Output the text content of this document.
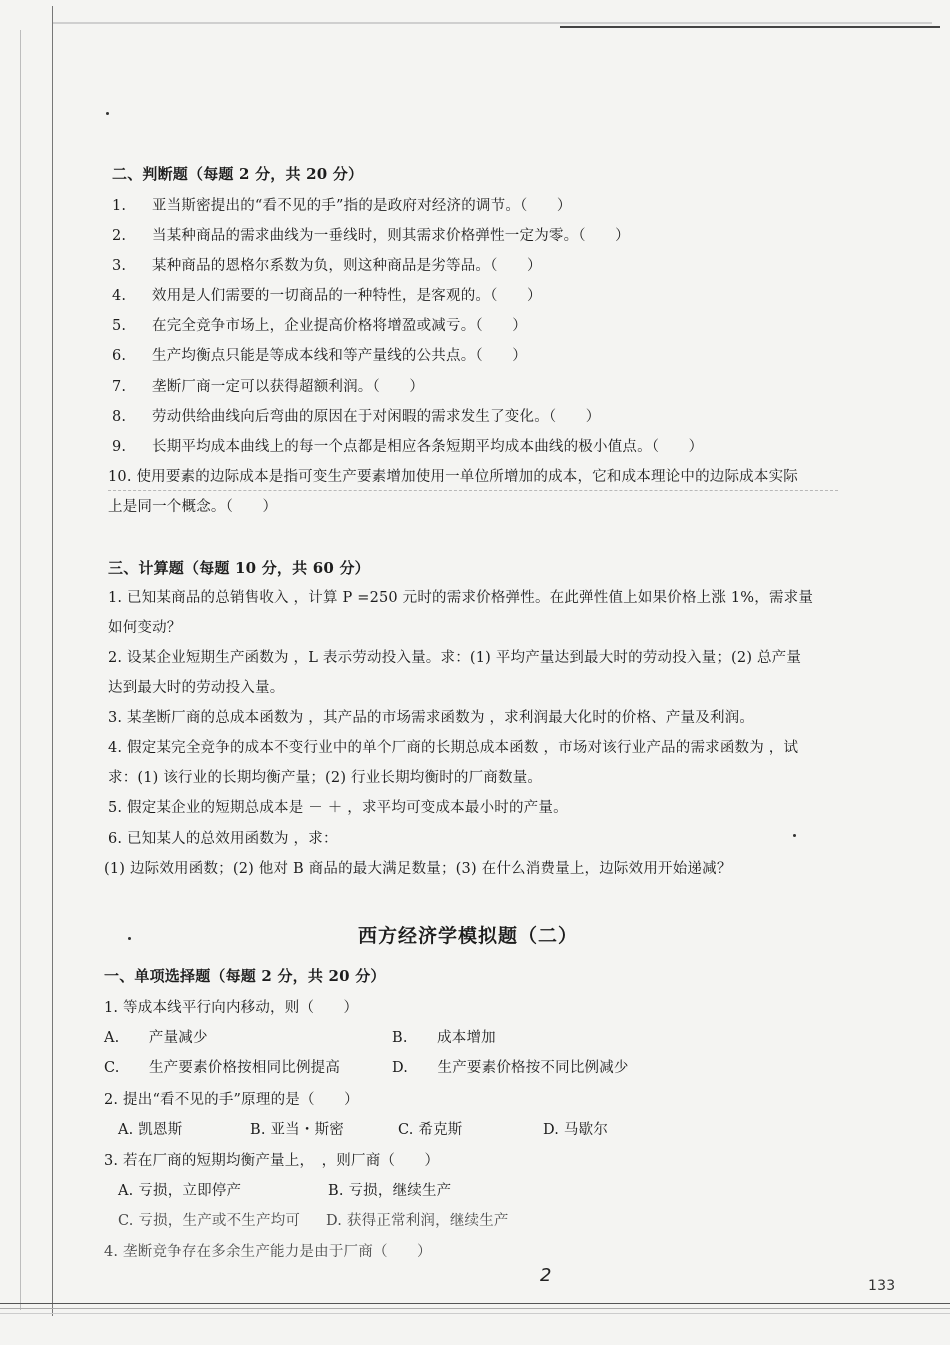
二、判断题（每题 2 分，共 20 分）
1. 亚当斯密提出的“看不见的手”指的是政府对经济的调节。（　　）
2. 当某种商品的需求曲线为一垂线时，则其需求价格弹性一定为零。（　　）
3. 某种商品的恩格尔系数为负，则这种商品是劣等品。（　　）
4. 效用是人们需要的一切商品的一种特性，是客观的。（　　）
5. 在完全竞争市场上，企业提高价格将增盈或减亏。（　　）
6. 生产均衡点只能是等成本线和等产量线的公共点。（　　）
7. 垄断厂商一定可以获得超额利润。（　　）
8. 劳动供给曲线向后弯曲的原因在于对闲暇的需求发生了变化。（　　）
9. 长期平均成本曲线上的每一个点都是相应各条短期平均成本曲线的极小值点。（　　）
10. 使用要素的边际成本是指可变生产要素增加使用一单位所增加的成本，它和成本理论中的边际成本实际
上是同一个概念。（　　）
三、计算题（每题 10 分，共 60 分）
1. 已知某商品的总销售收入 ，计算 P =250 元时的需求价格弹性。在此弹性值上如果价格上涨 1%，需求量
如何变动？
2. 设某企业短期生产函数为 ，L 表示劳动投入量。求：(1) 平均产量达到最大时的劳动投入量；(2) 总产量
达到最大时的劳动投入量。
3. 某垄断厂商的总成本函数为 ，其产品的市场需求函数为 ，求利润最大化时的价格、产量及利润。
4. 假定某完全竞争的成本不变行业中的单个厂商的长期总成本函数 ，市场对该行业产品的需求函数为 ，试
求：(1) 该行业的长期均衡产量；(2) 行业长期均衡时的厂商数量。
5. 假定某企业的短期总成本是 － ＋ ，求平均可变成本最小时的产量。
6. 已知某人的总效用函数为 ，求：
(1) 边际效用函数；(2) 他对 B 商品的最大满足数量；(3) 在什么消费量上，边际效用开始递减？
西方经济学模拟题（二）
一、单项选择题（每题 2 分，共 20 分）
1. 等成本线平行向内移动，则（　　）
A.　　产量减少	B.　　成本增加
C.　　生产要素价格按相同比例提高	D.　　生产要素价格按不同比例减少
2. 提出“看不见的手”原理的是（　　）
A. 凯恩斯	B. 亚当・斯密	C. 希克斯	D. 马歇尔
3. 若在厂商的短期均衡产量上，　，则厂商（　　）
A. 亏损，立即停产	B. 亏损，继续生产
C. 亏损，生产或不生产均可 D. 获得正常利润，继续生产
4. 垄断竞争存在多余生产能力是由于厂商（　　）
2	133
